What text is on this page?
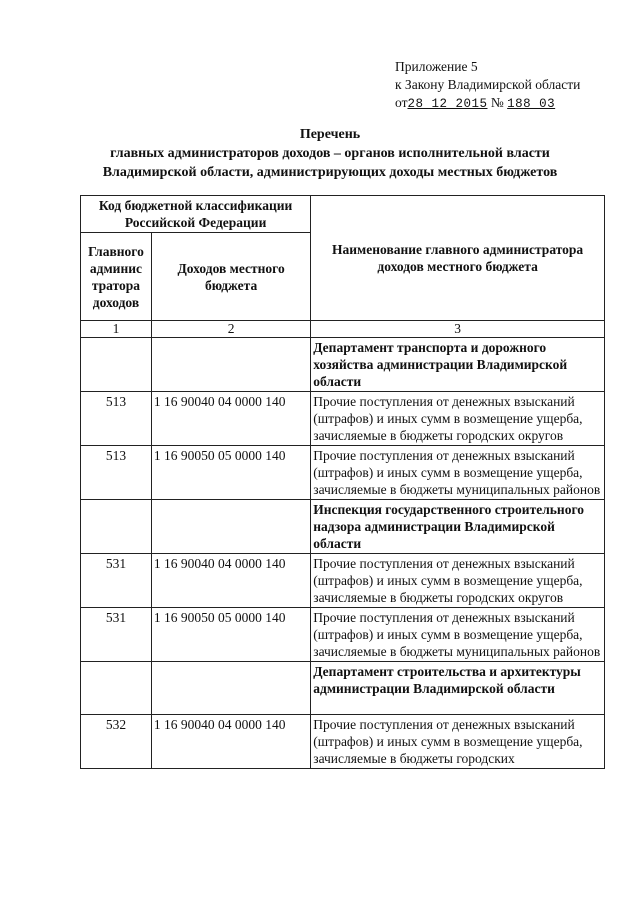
Приложение 5
к Закону Владимирской области
от28 12 2015 № 188 03
Перечень
главных администраторов доходов – органов исполнительной власти
Владимирской области, администрирующих доходы местных бюджетов
Код бюджетной классификации Российской Федерации		Наименование главного администратора доходов местного бюджета
Главного админис тратора доходов	Доходов местного бюджета	
1	2	3
		Департамент транспорта и дорожного хозяйства администрации Владимирской области
513	1 16 90040 04 0000 140	Прочие поступления от денежных взысканий (штрафов) и иных сумм в возмещение ущерба, зачисляемые в бюджеты городских округов
513	1 16 90050 05 0000 140	Прочие поступления от денежных взысканий (штрафов) и иных сумм в возмещение ущерба, зачисляемые в бюджеты муниципальных районов
		Инспекция государственного строительного надзора администрации Владимирской области
531	1 16 90040 04 0000 140	Прочие поступления от денежных взысканий (штрафов) и иных сумм в возмещение ущерба, зачисляемые в бюджеты городских округов
531	1 16 90050 05 0000 140	Прочие поступления от денежных взысканий (штрафов) и иных сумм в возмещение ущерба, зачисляемые в бюджеты муниципальных районов
		Департамент строительства и архитектуры администрации Владимирской области
532	1 16 90040 04 0000 140	Прочие поступления от денежных взысканий (штрафов) и иных сумм в возмещение ущерба, зачисляемые в бюджеты городских
